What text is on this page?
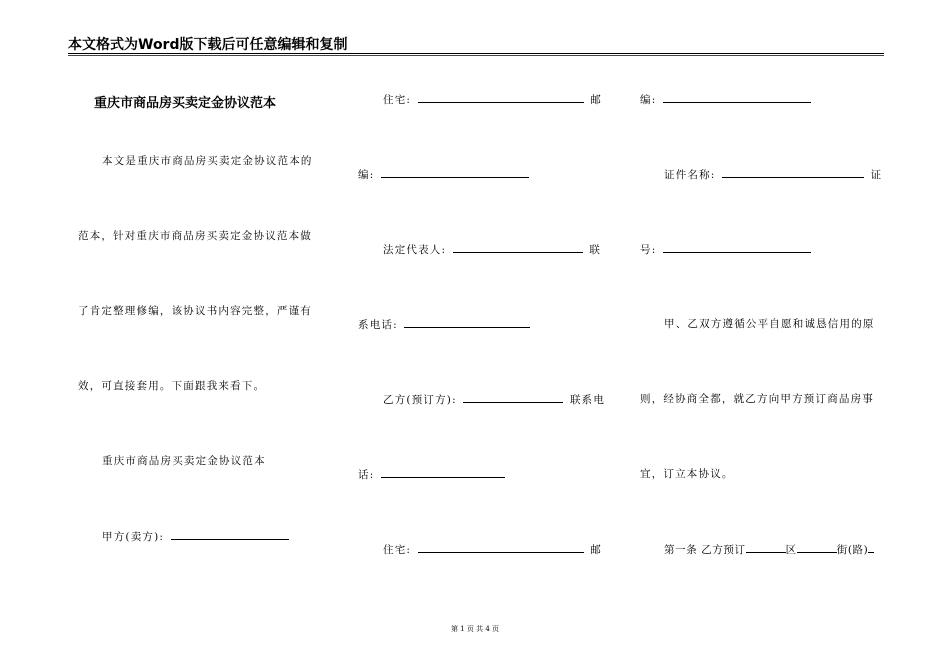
本文格式为Word版下载后可任意编辑和复制
重庆市商品房买卖定金协议范本
本文是重庆市商品房买卖定金协议范本的
范本，针对重庆市商品房买卖定金协议范本做
了肯定整理修编，该协议书内容完整，严谨有
效，可直接套用。下面跟我来看下。
重庆市商品房买卖定金协议范本
甲方(卖方):
住宅:	邮
编:
法定代表人:	联
系电话:
乙方(预订方):	联系电
话:
住宅:	邮
编:
证件名称:	证
号:
甲、乙双方遵循公平自愿和诚恳信用的原
则，经协商全都，就乙方向甲方预订商品房事
宜，订立本协议。
第一条 乙方预订	区	街(路)
第 1 页 共 4 页
